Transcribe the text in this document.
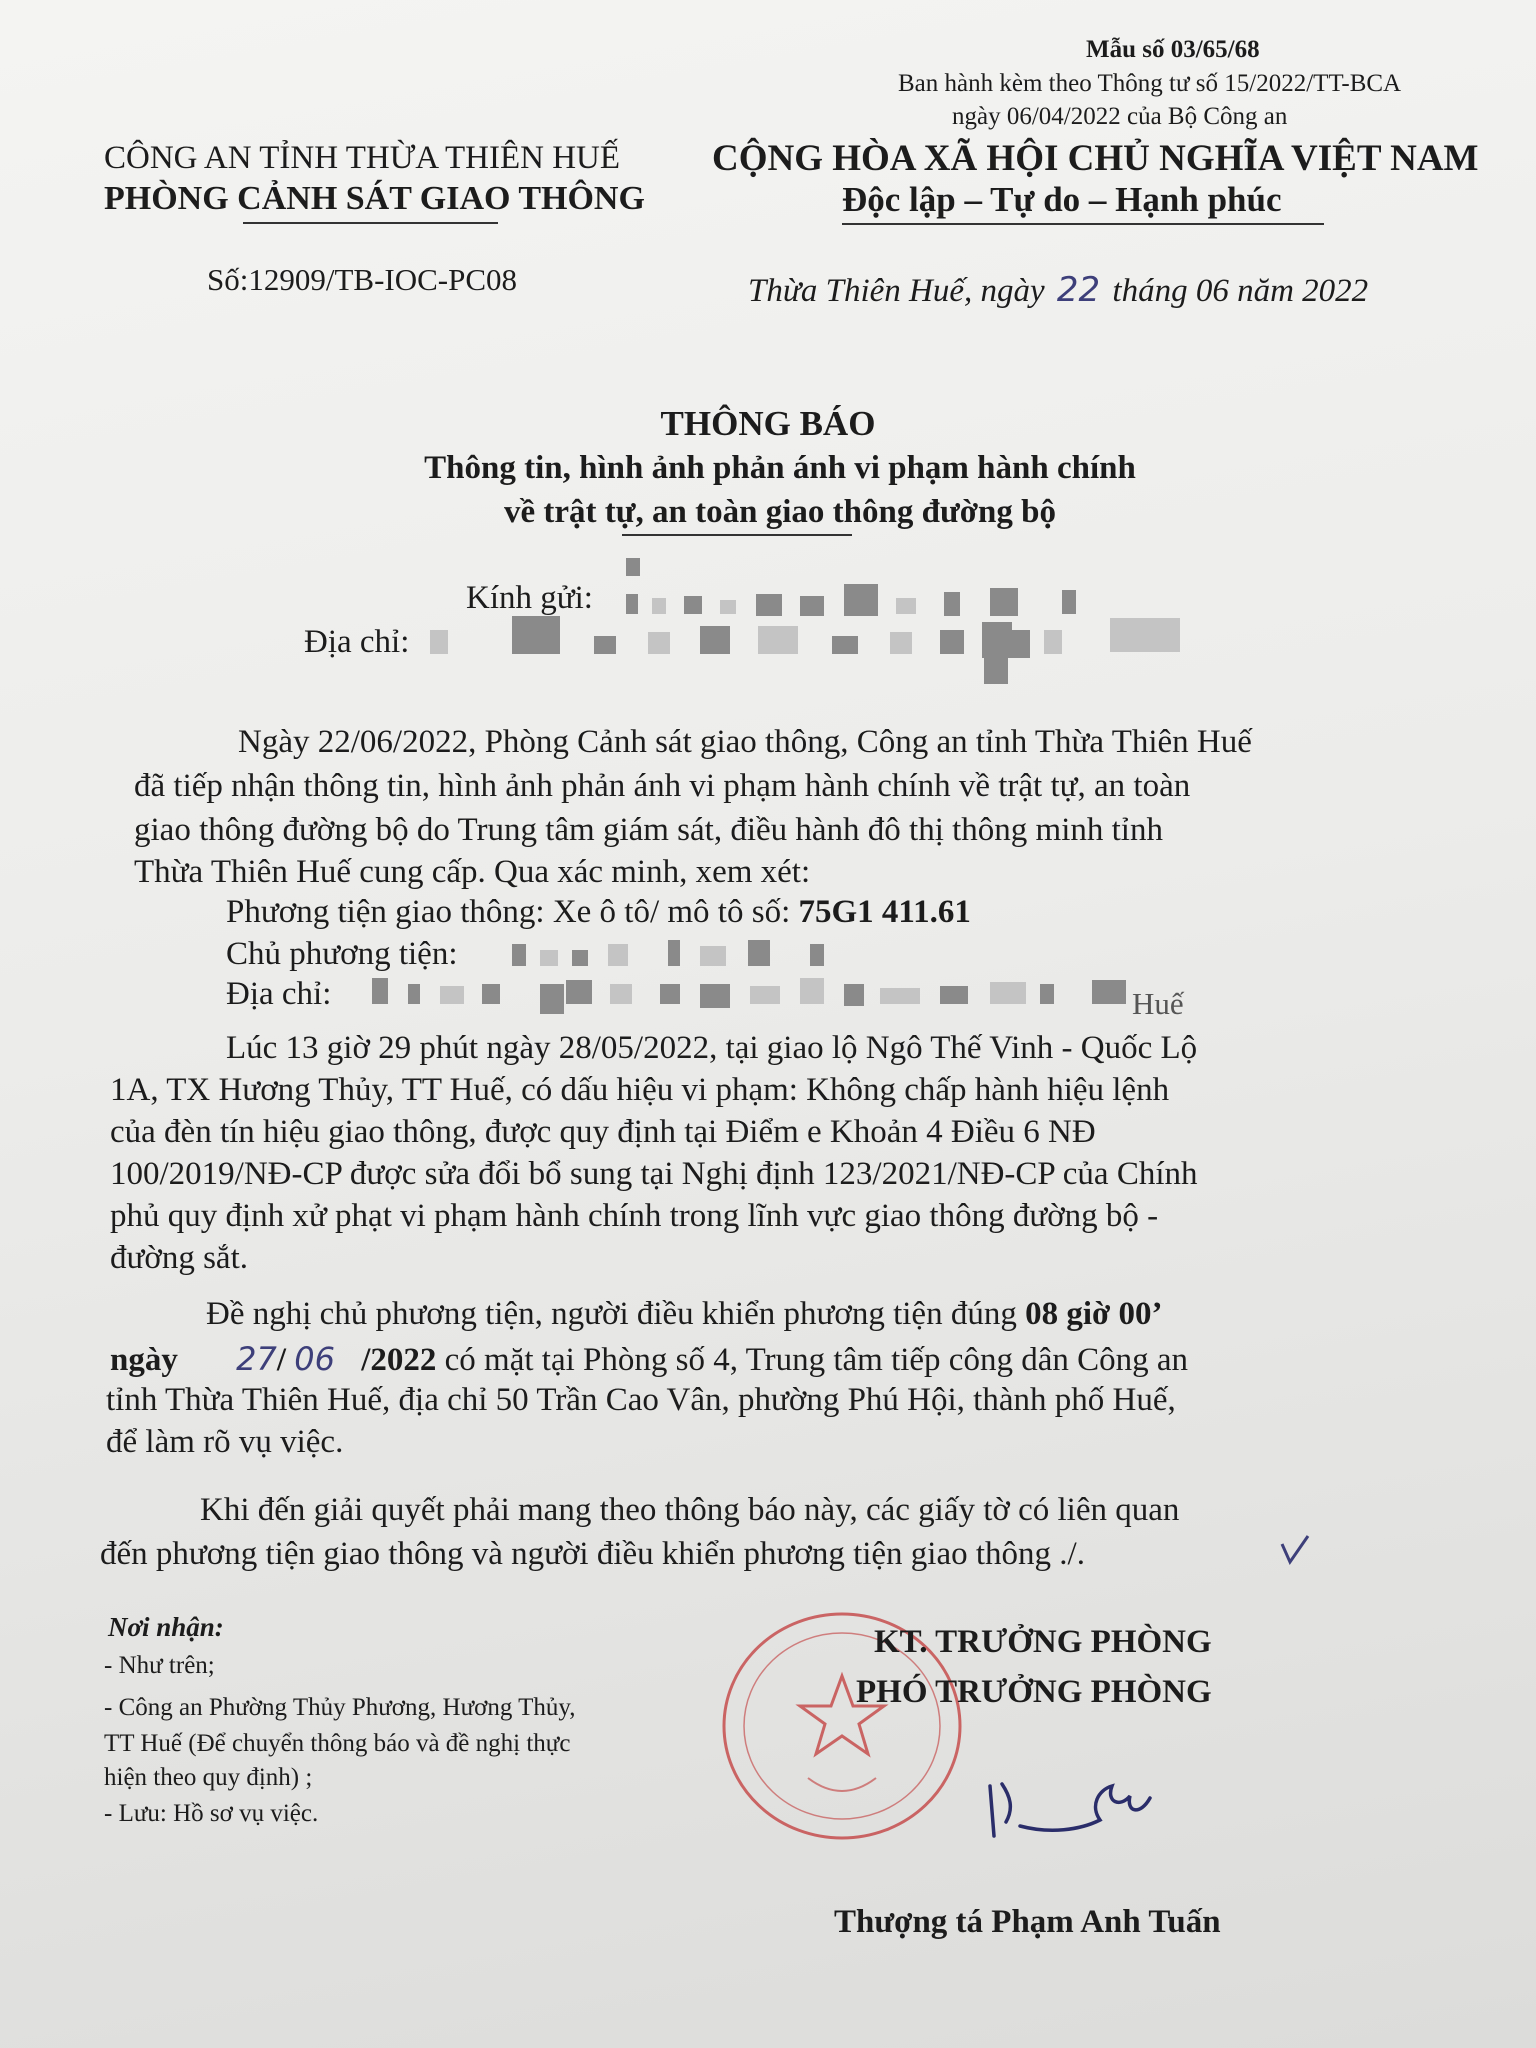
Mẫu số 03/65/68
Ban hành kèm theo Thông tư số 15/2022/TT-BCA
ngày 06/04/2022 của Bộ Công an
CÔNG AN TỈNH THỪA THIÊN HUẾ
PHÒNG CẢNH SÁT GIAO THÔNG
Số:12909/TB-IOC-PC08
CỘNG HÒA XÃ HỘI CHỦ NGHĨA VIỆT NAM
Độc lập – Tự do – Hạnh phúc
Thừa Thiên Huế, ngày 22 tháng 06 năm 2022
THÔNG BÁO
Thông tin, hình ảnh phản ánh vi phạm hành chính
về trật tự, an toàn giao thông đường bộ
Kính gửi:
Địa chỉ:
Ngày 22/06/2022, Phòng Cảnh sát giao thông, Công an tỉnh Thừa Thiên Huế
đã tiếp nhận thông tin, hình ảnh phản ánh vi phạm hành chính về trật tự, an toàn
giao thông đường bộ do Trung tâm giám sát, điều hành đô thị thông minh tỉnh
Thừa Thiên Huế cung cấp. Qua xác minh, xem xét:
Phương tiện giao thông: Xe ô tô/ mô tô số: 75G1 411.61
Chủ phương tiện:
Địa chỉ:	Huế
Lúc 13 giờ 29 phút ngày 28/05/2022, tại giao lộ Ngô Thế Vinh - Quốc Lộ
1A, TX Hương Thủy, TT Huế, có dấu hiệu vi phạm: Không chấp hành hiệu lệnh
của đèn tín hiệu giao thông, được quy định tại Điểm e Khoản 4 Điều 6 NĐ
100/2019/NĐ-CP được sửa đổi bổ sung tại Nghị định 123/2021/NĐ-CP của Chính
phủ quy định xử phạt vi phạm hành chính trong lĩnh vực giao thông đường bộ -
đường sắt.
Đề nghị chủ phương tiện, người điều khiển phương tiện đúng 08 giờ 00’
ngày 27/ 06 /2022 có mặt tại Phòng số 4, Trung tâm tiếp công dân Công an
tỉnh Thừa Thiên Huế, địa chỉ 50 Trần Cao Vân, phường Phú Hội, thành phố Huế,
để làm rõ vụ việc.
Khi đến giải quyết phải mang theo thông báo này, các giấy tờ có liên quan
đến phương tiện giao thông và người điều khiển phương tiện giao thông ./.
Nơi nhận:
- Như trên;
- Công an Phường Thủy Phương, Hương Thủy,
TT Huế (Để chuyển thông báo và đề nghị thực
hiện theo quy định) ;
- Lưu: Hồ sơ vụ việc.
KT. TRƯỞNG PHÒNG
PHÓ TRƯỞNG PHÒNG
Thượng tá Phạm Anh Tuấn
